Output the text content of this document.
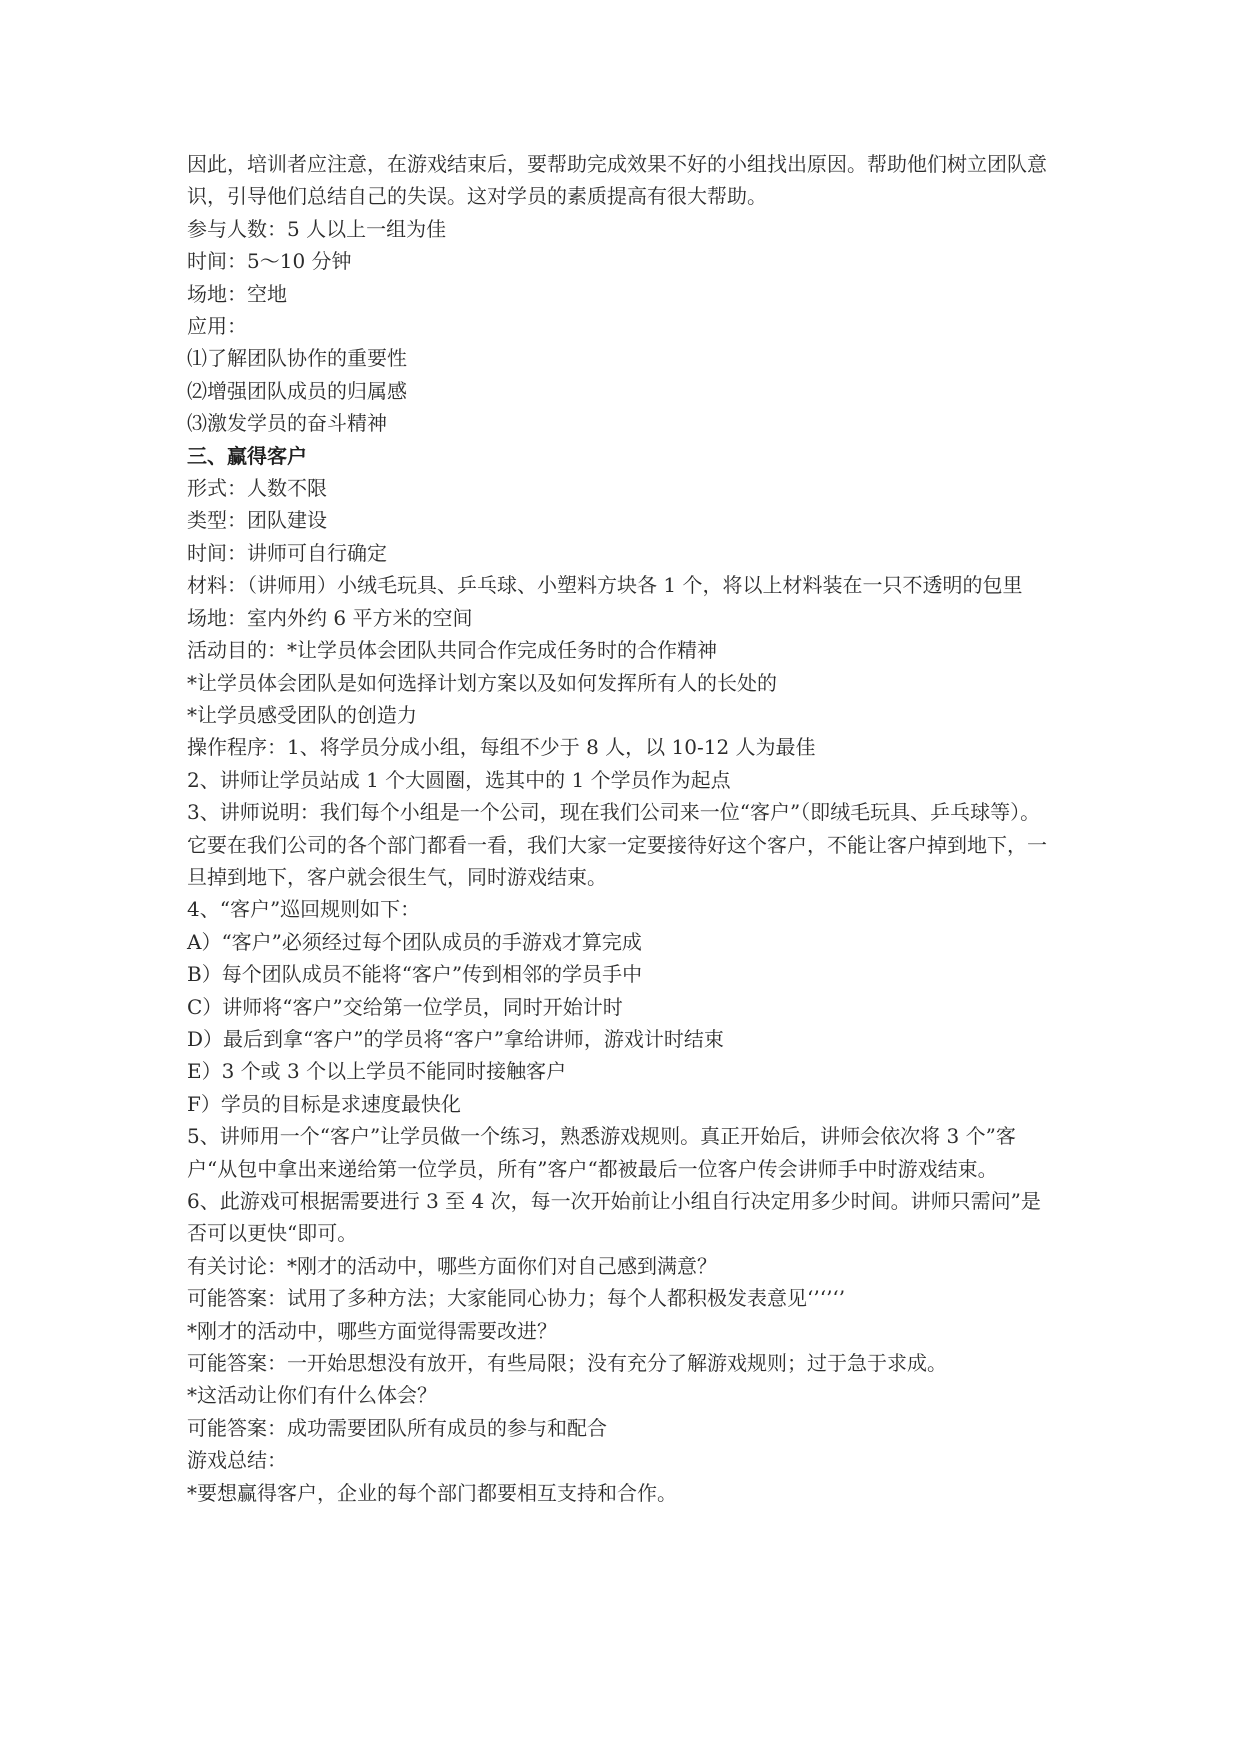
因此，培训者应注意，在游戏结束后，要帮助完成效果不好的小组找出原因。帮助他们树立团队意识，引导他们总结自己的失误。这对学员的素质提高有很大帮助。

参与人数：5 人以上一组为佳

时间：5～10 分钟

场地：空地

应用：

⑴了解团队协作的重要性

⑵增强团队成员的归属感

⑶激发学员的奋斗精神

三、赢得客户

形式：人数不限

类型：团队建设

时间：讲师可自行确定

材料：（讲师用）小绒毛玩具、乒乓球、小塑料方块各 1 个，将以上材料装在一只不透明的包里

场地：室内外约 6 平方米的空间

活动目的：*让学员体会团队共同合作完成任务时的合作精神

*让学员体会团队是如何选择计划方案以及如何发挥所有人的长处的

*让学员感受团队的创造力

操作程序：1、将学员分成小组，每组不少于 8 人，以 10-12 人为最佳

2、讲师让学员站成 1 个大圆圈，选其中的 1 个学员作为起点

3、讲师说明：我们每个小组是一个公司，现在我们公司来一位“客户”（即绒毛玩具、乒乓球等）。它要在我们公司的各个部门都看一看，我们大家一定要接待好这个客户，不能让客户掉到地下，一旦掉到地下，客户就会很生气，同时游戏结束。

4、“客户”巡回规则如下：

A）“客户”必须经过每个团队成员的手游戏才算完成

B）每个团队成员不能将“客户”传到相邻的学员手中

C）讲师将“客户”交给第一位学员，同时开始计时

D）最后到拿“客户”的学员将“客户”拿给讲师，游戏计时结束

E）3 个或 3 个以上学员不能同时接触客户

F）学员的目标是求速度最快化

5、讲师用一个“客户”让学员做一个练习，熟悉游戏规则。真正开始后，讲师会依次将 3 个”客户“从包中拿出来递给第一位学员，所有”客户“都被最后一位客户传会讲师手中时游戏结束。

6、此游戏可根据需要进行 3 至 4 次，每一次开始前让小组自行决定用多少时间。讲师只需问”是否可以更快“即可。

有关讨论：*刚才的活动中，哪些方面你们对自己感到满意？

可能答案：试用了多种方法；大家能同心协力；每个人都积极发表意见‘’‘’‘’

*刚才的活动中，哪些方面觉得需要改进？

可能答案：一开始思想没有放开，有些局限；没有充分了解游戏规则；过于急于求成。

*这活动让你们有什么体会？

可能答案：成功需要团队所有成员的参与和配合

游戏总结：

*要想赢得客户，企业的每个部门都要相互支持和合作。
